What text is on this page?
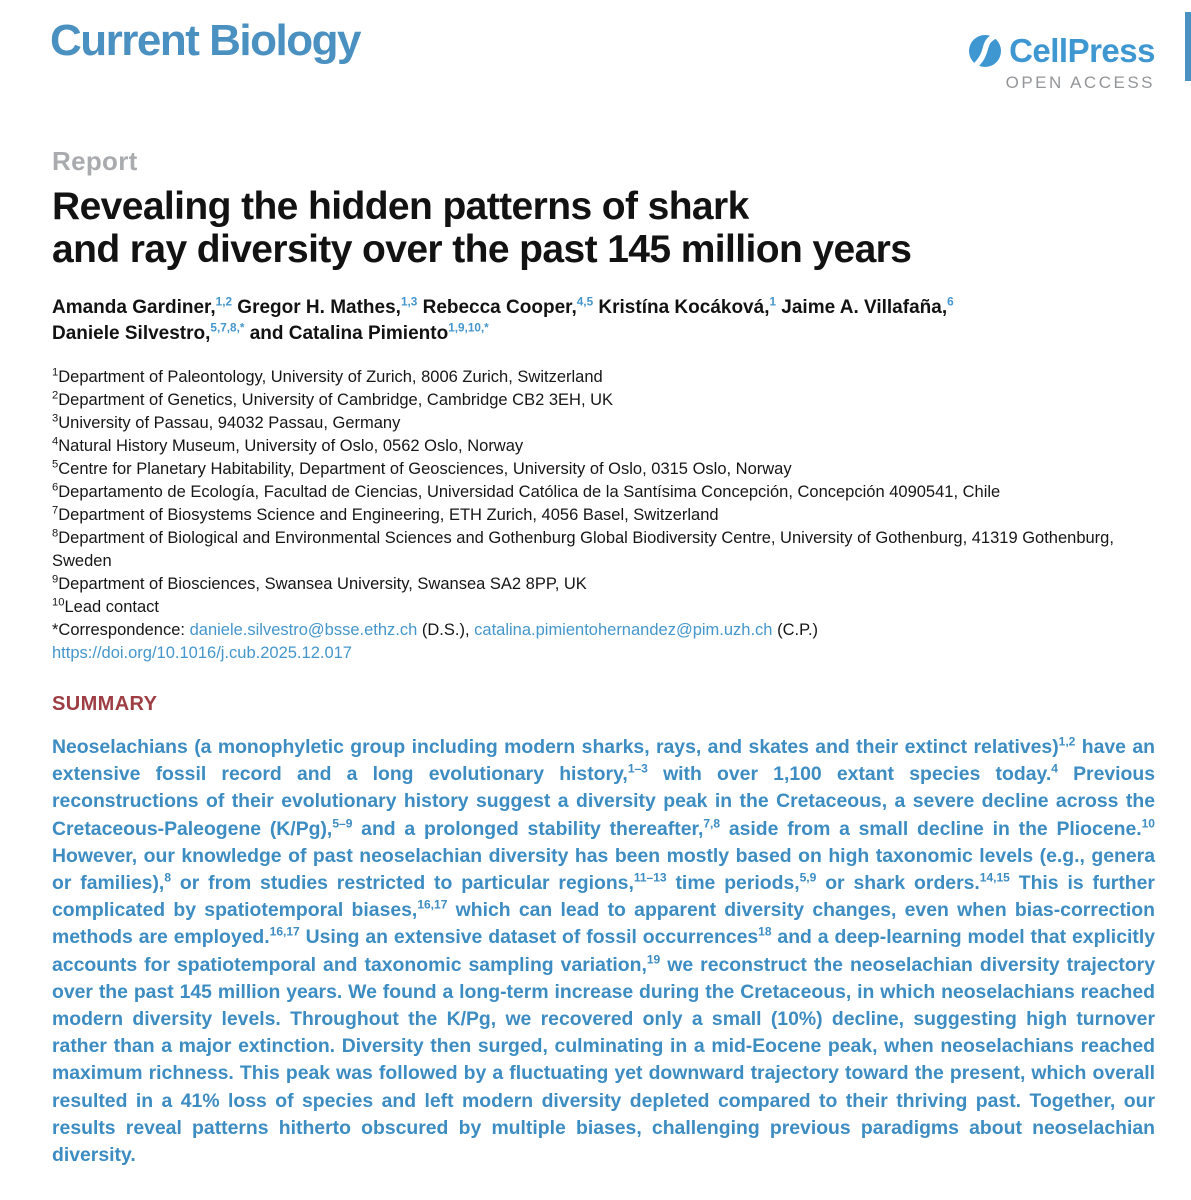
Current Biology	CellPress
OPEN ACCESS
Report
Revealing the hidden patterns of shark
and ray diversity over the past 145 million years

Amanda Gardiner,$^{1,2}$ Gregor H. Mathes,$^{1,3}$ Rebecca Cooper,$^{4,5}$ Kristína Kocáková,$^1$ Jaime A. Villafaña,$^6$
Daniele Silvestro,$^{5,7,8,*}$ and Catalina Pimiento$^{1,9,10,*}$

$^1$Department of Paleontology, University of Zurich, 8006 Zurich, Switzerland
$^2$Department of Genetics, University of Cambridge, Cambridge CB2 3EH, UK
$^3$University of Passau, 94032 Passau, Germany
$^4$Natural History Museum, University of Oslo, 0562 Oslo, Norway
$^5$Centre for Planetary Habitability, Department of Geosciences, University of Oslo, 0315 Oslo, Norway
$^6$Departamento de Ecología, Facultad de Ciencias, Universidad Católica de la Santísima Concepción, Concepción 4090541, Chile
$^7$Department of Biosystems Science and Engineering, ETH Zurich, 4056 Basel, Switzerland
$^8$Department of Biological and Environmental Sciences and Gothenburg Global Biodiversity Centre, University of Gothenburg, 41319 Gothenburg, Sweden
$^9$Department of Biosciences, Swansea University, Swansea SA2 8PP, UK
$^{10}$Lead contact
*Correspondence: daniele.silvestro@bsse.ethz.ch (D.S.), catalina.pimientohernandez@pim.uzh.ch (C.P.)
https://doi.org/10.1016/j.cub.2025.12.017
SUMMARY

Neoselachians (a monophyletic group including modern sharks, rays, and skates and their extinct relatives)$^{1,2}$ have an extensive fossil record and a long evolutionary history,$^{1-3}$ with over 1,100 extant species today.$^4$ Previous reconstructions of their evolutionary history suggest a diversity peak in the Cretaceous, a severe decline across the Cretaceous-Paleogene (K/Pg),$^{5-9}$ and a prolonged stability thereafter,$^{7,8}$ aside from a small decline in the Pliocene.$^{10}$ However, our knowledge of past neoselachian diversity has been mostly based on high taxonomic levels (e.g., genera or families),$^8$ or from studies restricted to particular regions,$^{11-13}$ time periods,$^{5,9}$ or shark orders.$^{14,15}$ This is further complicated by spatiotemporal biases,$^{16,17}$ which can lead to apparent diversity changes, even when bias-correction methods are employed.$^{16,17}$ Using an extensive dataset of fossil occurrences$^{18}$ and a deep-learning model that explicitly accounts for spatiotemporal and taxonomic sampling variation,$^{19}$ we reconstruct the neoselachian diversity trajectory over the past 145 million years. We found a long-term increase during the Cretaceous, in which neoselachians reached modern diversity levels. Throughout the K/Pg, we recovered only a small (10%) decline, suggesting high turnover rather than a major extinction. Diversity then surged, culminating in a mid-Eocene peak, when neoselachians reached maximum richness. This peak was followed by a fluctuating yet downward trajectory toward the present, which overall resulted in a 41% loss of species and left modern diversity depleted compared to their thriving past. Together, our results reveal patterns hitherto obscured by multiple biases, challenging previous paradigms about neoselachian diversity.
